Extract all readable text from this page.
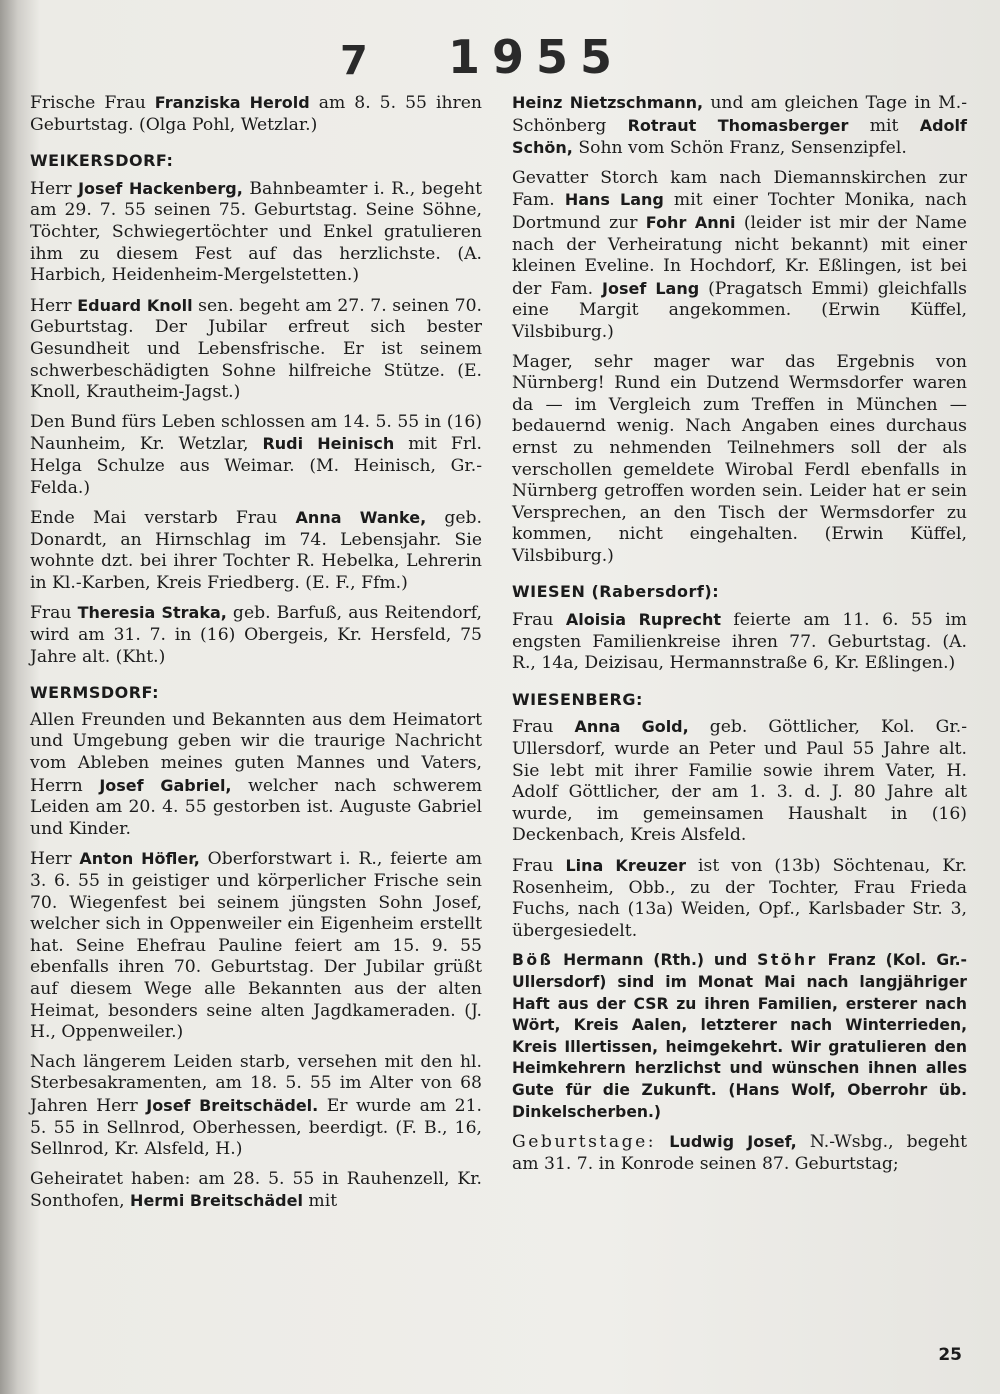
7 1955

Frische Frau Franziska Herold am 8. 5. 55 ihren Geburtstag. (Olga Pohl, Wetzlar.)

WEIKERSDORF:

Herr Josef Hackenberg, Bahnbeamter i. R., begeht am 29. 7. 55 seinen 75. Geburtstag. Seine Söhne, Töchter, Schwiegertöchter und Enkel gratulieren ihm zu diesem Fest auf das herzlichste. (A. Harbich, Heidenheim-Mergelstetten.)

Herr Eduard Knoll sen. begeht am 27. 7. seinen 70. Geburtstag. Der Jubilar erfreut sich bester Gesundheit und Lebensfrische. Er ist seinem schwerbeschädigten Sohne hilfreiche Stütze. (E. Knoll, Krautheim-Jagst.)

Den Bund fürs Leben schlossen am 14. 5. 55 in (16) Naunheim, Kr. Wetzlar, Rudi Heinisch mit Frl. Helga Schulze aus Weimar. (M. Heinisch, Gr.-Felda.)

Ende Mai verstarb Frau Anna Wanke, geb. Donardt, an Hirnschlag im 74. Lebensjahr. Sie wohnte dzt. bei ihrer Tochter R. Hebelka, Lehrerin in Kl.-Karben, Kreis Friedberg. (E. F., Ffm.)

Frau Theresia Straka, geb. Barfuß, aus Reitendorf, wird am 31. 7. in (16) Obergeis, Kr. Hersfeld, 75 Jahre alt. (Kht.)

WERMSDORF:

Allen Freunden und Bekannten aus dem Heimatort und Umgebung geben wir die traurige Nachricht vom Ableben meines guten Mannes und Vaters, Herrn Josef Gabriel, welcher nach schwerem Leiden am 20. 4. 55 gestorben ist. Auguste Gabriel und Kinder.

Herr Anton Höfler, Oberforstwart i. R., feierte am 3. 6. 55 in geistiger und körperlicher Frische sein 70. Wiegenfest bei seinem jüngsten Sohn Josef, welcher sich in Oppenweiler ein Eigenheim erstellt hat. Seine Ehefrau Pauline feiert am 15. 9. 55 ebenfalls ihren 70. Geburtstag. Der Jubilar grüßt auf diesem Wege alle Bekannten aus der alten Heimat, besonders seine alten Jagdkameraden. (J. H., Oppenweiler.)

Nach längerem Leiden starb, versehen mit den hl. Sterbesakramenten, am 18. 5. 55 im Alter von 68 Jahren Herr Josef Breitschädel. Er wurde am 21. 5. 55 in Sellnrod, Oberhessen, beerdigt. (F. B., 16, Sellnrod, Kr. Alsfeld, H.)

Geheiratet haben: am 28. 5. 55 in Rauhenzell, Kr. Sonthofen, Hermi Breitschädel mit

Heinz Nietzschmann, und am gleichen Tage in M.-Schönberg Rotraut Thomasberger mit Adolf Schön, Sohn vom Schön Franz, Sensenzipfel.

Gevatter Storch kam nach Diemannskirchen zur Fam. Hans Lang mit einer Tochter Monika, nach Dortmund zur Fohr Anni (leider ist mir der Name nach der Verheiratung nicht bekannt) mit einer kleinen Eveline. In Hochdorf, Kr. Eßlingen, ist bei der Fam. Josef Lang (Pragatsch Emmi) gleichfalls eine Margit angekommen. (Erwin Küffel, Vilsbiburg.)

Mager, sehr mager war das Ergebnis von Nürnberg! Rund ein Dutzend Wermsdorfer waren da — im Vergleich zum Treffen in München — bedauernd wenig. Nach Angaben eines durchaus ernst zu nehmenden Teilnehmers soll der als verschollen gemeldete Wirobal Ferdl ebenfalls in Nürnberg getroffen worden sein. Leider hat er sein Versprechen, an den Tisch der Wermsdorfer zu kommen, nicht eingehalten. (Erwin Küffel, Vilsbiburg.)

WIESEN (Rabersdorf):

Frau Aloisia Ruprecht feierte am 11. 6. 55 im engsten Familienkreise ihren 77. Geburtstag. (A. R., 14a, Deizisau, Hermannstraße 6, Kr. Eßlingen.)

WIESENBERG:

Frau Anna Gold, geb. Göttlicher, Kol. Gr.-Ullersdorf, wurde an Peter und Paul 55 Jahre alt. Sie lebt mit ihrer Familie sowie ihrem Vater, H. Adolf Göttlicher, der am 1. 3. d. J. 80 Jahre alt wurde, im gemeinsamen Haushalt in (16) Deckenbach, Kreis Alsfeld.

Frau Lina Kreuzer ist von (13b) Söchtenau, Kr. Rosenheim, Obb., zu der Tochter, Frau Frieda Fuchs, nach (13a) Weiden, Opf., Karlsbader Str. 3, übergesiedelt.

Böß Hermann (Rth.) und Stöhr Franz (Kol. Gr.-Ullersdorf) sind im Monat Mai nach langjähriger Haft aus der CSR zu ihren Familien, ersterer nach Wört, Kreis Aalen, letzterer nach Winterrieden, Kreis Illertissen, heimgekehrt. Wir gratulieren den Heimkehrern herzlichst und wünschen ihnen alles Gute für die Zukunft. (Hans Wolf, Oberrohr üb. Dinkelscherben.)

Geburtstage: Ludwig Josef, N.-Wsbg., begeht am 31. 7. in Konrode seinen 87. Geburtstag;

25
